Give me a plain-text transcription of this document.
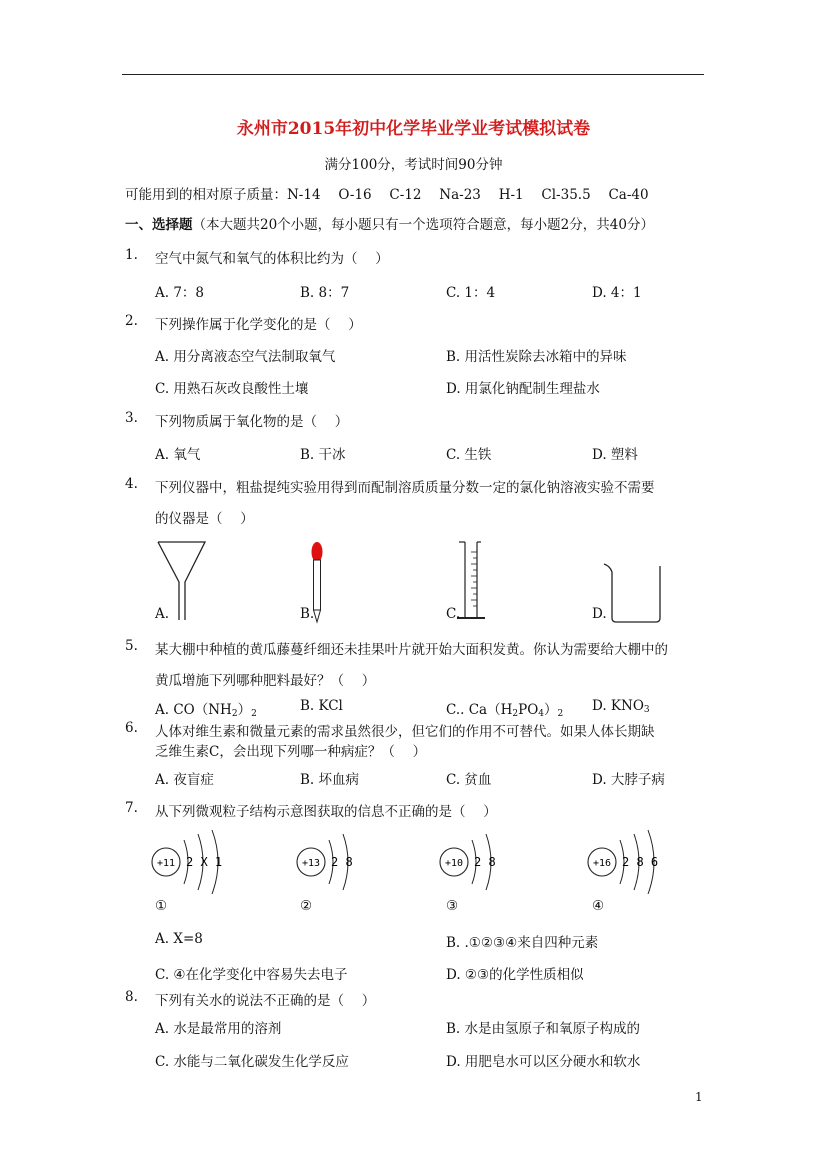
永州市2015年初中化学毕业学业考试模拟试卷
满分100分，考试时间90分钟
可能用到的相对原子质量：N-14　 O-16　 C-12　 Na-23　 H-1　 Cl-35.5　 Ca-40
一、选择题（本大题共20个小题，每小题只有一个选项符合题意，每小题2分，共40分）
1. 空气中氮气和氧气的体积比约为（　 ）
A. 7：8	B. 8：7	C. 1：4	D. 4：1
2. 下列操作属于化学变化的是（　 ）
A. 用分离液态空气法制取氧气	B. 用活性炭除去冰箱中的异味
C. 用熟石灰改良酸性土壤	D. 用氯化钠配制生理盐水
3. 下列物质属于氧化物的是（　 ）
A. 氧气	B. 干冰	C. 生铁	D. 塑料
4. 下列仪器中，粗盐提纯实验用得到而配制溶质质量分数一定的氯化钠溶液实验不需要
的仪器是（　 ）
A.	B.	C.	D.
5. 某大棚中种植的黄瓜藤蔓纤细还未挂果叶片就开始大面积发黄。你认为需要给大棚中的
黄瓜增施下列哪种肥料最好？（　 ）
A. $CO(NH_2)_2$	B. KCl	C.. $Ca(H_2PO_4)_2$ D. $KNO_3$
6. 人体对维生素和微量元素的需求虽然很少，但它们的作用不可替代。如果人体长期缺
乏维生素C，会出现下列哪一种病症？（　 ）
A. 夜盲症	B. 坏血病	C. 贫血	D. 大脖子病
7. 从下列微观粒子结构示意图获取的信息不正确的是（　 ）
+11 2 X 1
①
+13 2 8
②
+10 2 8
③
+16 2 8 6
④
A. X=8	B. .①②③④来自四种元素
C. ④在化学变化中容易失去电子	D. ②③的化学性质相似
8. 下列有关水的说法不正确的是（　 ）
A. 水是最常用的溶剂	B. 水是由氢原子和氧原子构成的
C. 水能与二氧化碳发生化学反应	D. 用肥皂水可以区分硬水和软水
1
